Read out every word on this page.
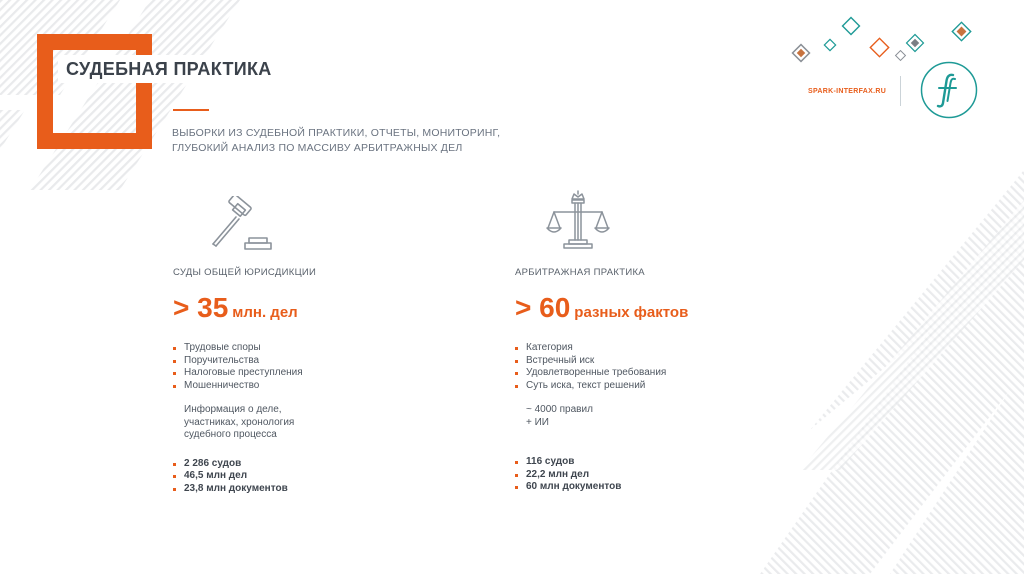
СУДЕБНАЯ ПРАКТИКА
ВЫБОРКИ ИЗ СУДЕБНОЙ ПРАКТИКИ, ОТЧЕТЫ, МОНИТОРИНГ,
ГЛУБОКИЙ АНАЛИЗ ПО МАССИВУ АРБИТРАЖНЫХ ДЕЛ
SPARK-INTERFAX.RU
СУДЫ ОБЩЕЙ ЮРИСДИКЦИИ
> 35 млн. дел
Трудовые споры
Поручительства
Налоговые преступления
Мошенничество

Информация о деле,
участниках, хронология
судебного процесса

2 286 судов
46,5 млн дел
23,8 млн документов
АРБИТРАЖНАЯ ПРАКТИКА
> 60 разных фактов
Категория
Встречный иск
Удовлетворенные требования
Суть иска, текст решений

~ 4000 правил
+ ИИ

116 судов
22,2 млн дел
60 млн документов
